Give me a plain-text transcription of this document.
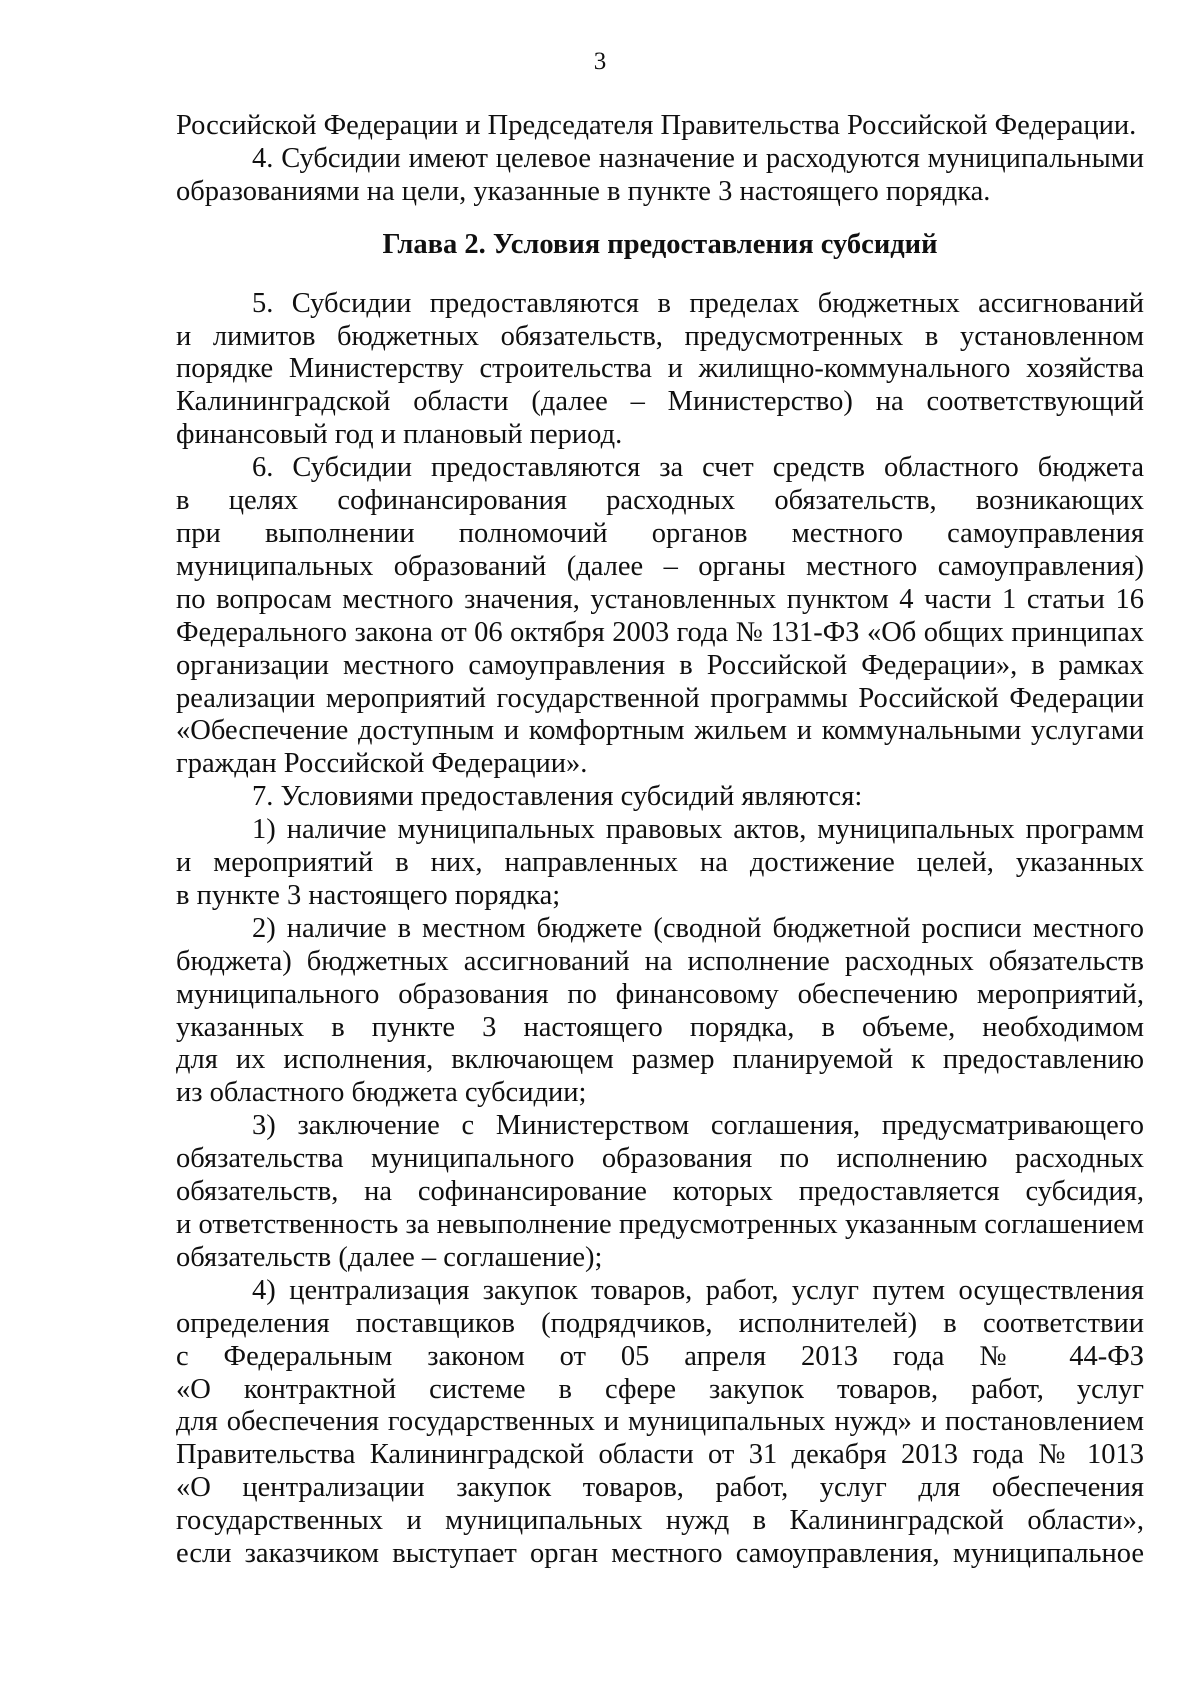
3
Российской Федерации и Председателя Правительства Российской Федерации.
4. Субсидии имеют целевое назначение и расходуются муниципальными
образованиями на цели, указанные в пункте 3 настоящего порядка.
Глава 2. Условия предоставления субсидий
5. Субсидии предоставляются в пределах бюджетных ассигнований
и лимитов бюджетных обязательств, предусмотренных в установленном
порядке Министерству строительства и жилищно-коммунального хозяйства
Калининградской области (далее – Министерство) на соответствующий
финансовый год и плановый период.
6. Субсидии предоставляются за счет средств областного бюджета
в целях софинансирования расходных обязательств, возникающих
при выполнении полномочий органов местного самоуправления
муниципальных образований (далее – органы местного самоуправления)
по вопросам местного значения, установленных пунктом 4 части 1 статьи 16
Федерального закона от 06 октября 2003 года № 131-ФЗ «Об общих принципах
организации местного самоуправления в Российской Федерации», в рамках
реализации мероприятий государственной программы Российской Федерации
«Обеспечение доступным и комфортным жильем и коммунальными услугами
граждан Российской Федерации».
7. Условиями предоставления субсидий являются:
1) наличие муниципальных правовых актов, муниципальных программ
и мероприятий в них, направленных на достижение целей, указанных
в пункте 3 настоящего порядка;
2) наличие в местном бюджете (сводной бюджетной росписи местного
бюджета) бюджетных ассигнований на исполнение расходных обязательств
муниципального образования по финансовому обеспечению мероприятий,
указанных в пункте 3 настоящего порядка, в объеме, необходимом
для их исполнения, включающем размер планируемой к предоставлению
из областного бюджета субсидии;
3) заключение с Министерством соглашения, предусматривающего
обязательства муниципального образования по исполнению расходных
обязательств, на софинансирование которых предоставляется субсидия,
и ответственность за невыполнение предусмотренных указанным соглашением
обязательств (далее – соглашение);
4) централизация закупок товаров, работ, услуг путем осуществления
определения поставщиков (подрядчиков, исполнителей) в соответствии
с Федеральным законом от 05 апреля 2013 года № 44-ФЗ
«О контрактной системе в сфере закупок товаров, работ, услуг
для обеспечения государственных и муниципальных нужд» и постановлением
Правительства Калининградской области от 31 декабря 2013 года № 1013
«О централизации закупок товаров, работ, услуг для обеспечения
государственных и муниципальных нужд в Калининградской области»,
если заказчиком выступает орган местного самоуправления, муниципальное
